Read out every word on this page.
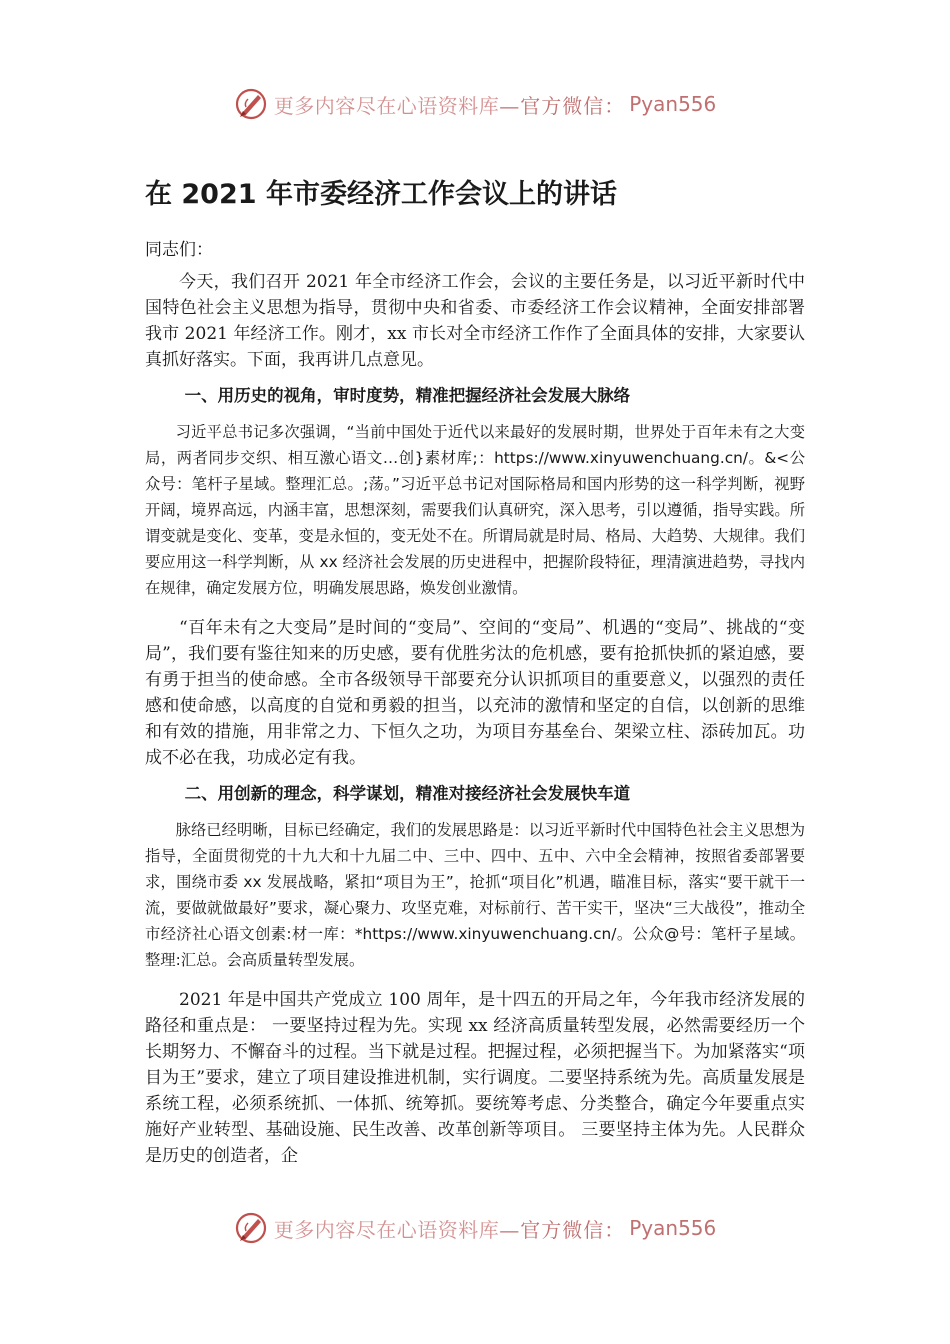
更多内容尽在心语资料库 —官方微信： Pyan556
在 2021 年市委经济工作会议上的讲话

同志们：

今天，我们召开 2021 年全市经济工作会，会议的主要任务是，以习近平新时代中国特色社会主义思想为指导，贯彻中央和省委、市委经济工作会议精神，全面安排部署我市 2021 年经济工作。刚才，xx 市长对全市经济工作作了全面具体的安排，大家要认真抓好落实。下面，我再讲几点意见。

一、用历史的视角，审时度势，精准把握经济社会发展大脉络

习近平总书记多次强调，“当前中国处于近代以来最好的发展时期，世界处于百年未有之大变局，两者同步交织、相互激心语文…创}素材库;：https://www.xinyuwenchuang.cn/。&<公众号：笔杆子星域。整理汇总。;荡。”习近平总书记对国际格局和国内形势的这一科学判断，视野开阔，境界高远，内涵丰富，思想深刻，需要我们认真研究，深入思考，引以遵循，指导实践。所谓变就是变化、变革，变是永恒的，变无处不在。所谓局就是时局、格局、大趋势、大规律。我们要应用这一科学判断，从 xx 经济社会发展的历史进程中，把握阶段特征，理清演进趋势，寻找内在规律，确定发展方位，明确发展思路，焕发创业激情。

“百年未有之大变局”是时间的“变局”、空间的“变局”、机遇的“变局”、挑战的“变局”，我们要有鉴往知来的历史感，要有优胜劣汰的危机感，要有抢抓快抓的紧迫感，要有勇于担当的使命感。全市各级领导干部要充分认识抓项目的重要意义，以强烈的责任感和使命感，以高度的自觉和勇毅的担当，以充沛的激情和坚定的自信，以创新的思维和有效的措施，用非常之力、下恒久之功，为项目夯基垒台、架梁立柱、添砖加瓦。功成不必在我，功成必定有我。

二、用创新的理念，科学谋划，精准对接经济社会发展快车道

脉络已经明晰，目标已经确定，我们的发展思路是：以习近平新时代中国特色社会主义思想为指导，全面贯彻党的十九大和十九届二中、三中、四中、五中、六中全会精神，按照省委部署要求，围绕市委 xx 发展战略，紧扣“项目为王”，抢抓“项目化”机遇，瞄准目标，落实“要干就干一流，要做就做最好”要求，凝心聚力、攻坚克难，对标前行、苦干实干，坚决“三大战役”，推动全市经济社心语文创素:材一库：*https://www.xinyuwenchuang.cn/。公众@号：笔杆子星域。整理:汇总。会高质量转型发展。

2021 年是中国共产党成立 100 周年，是十四五的开局之年，今年我市经济发展的路径和重点是： 一要坚持过程为先。实现 xx 经济高质量转型发展，必然需要经历一个长期努力、不懈奋斗的过程。当下就是过程。把握过程，必须把握当下。为加紧落实“项目为王”要求，建立了项目建设推进机制，实行调度。二要坚持系统为先。高质量发展是系统工程，必须系统抓、一体抓、统筹抓。要统筹考虑、分类整合，确定今年要重点实施好产业转型、基础设施、民生改善、改革创新等项目。 三要坚持主体为先。人民群众是历史的创造者，企

更多内容尽在心语资料库 —官方微信： Pyan556
